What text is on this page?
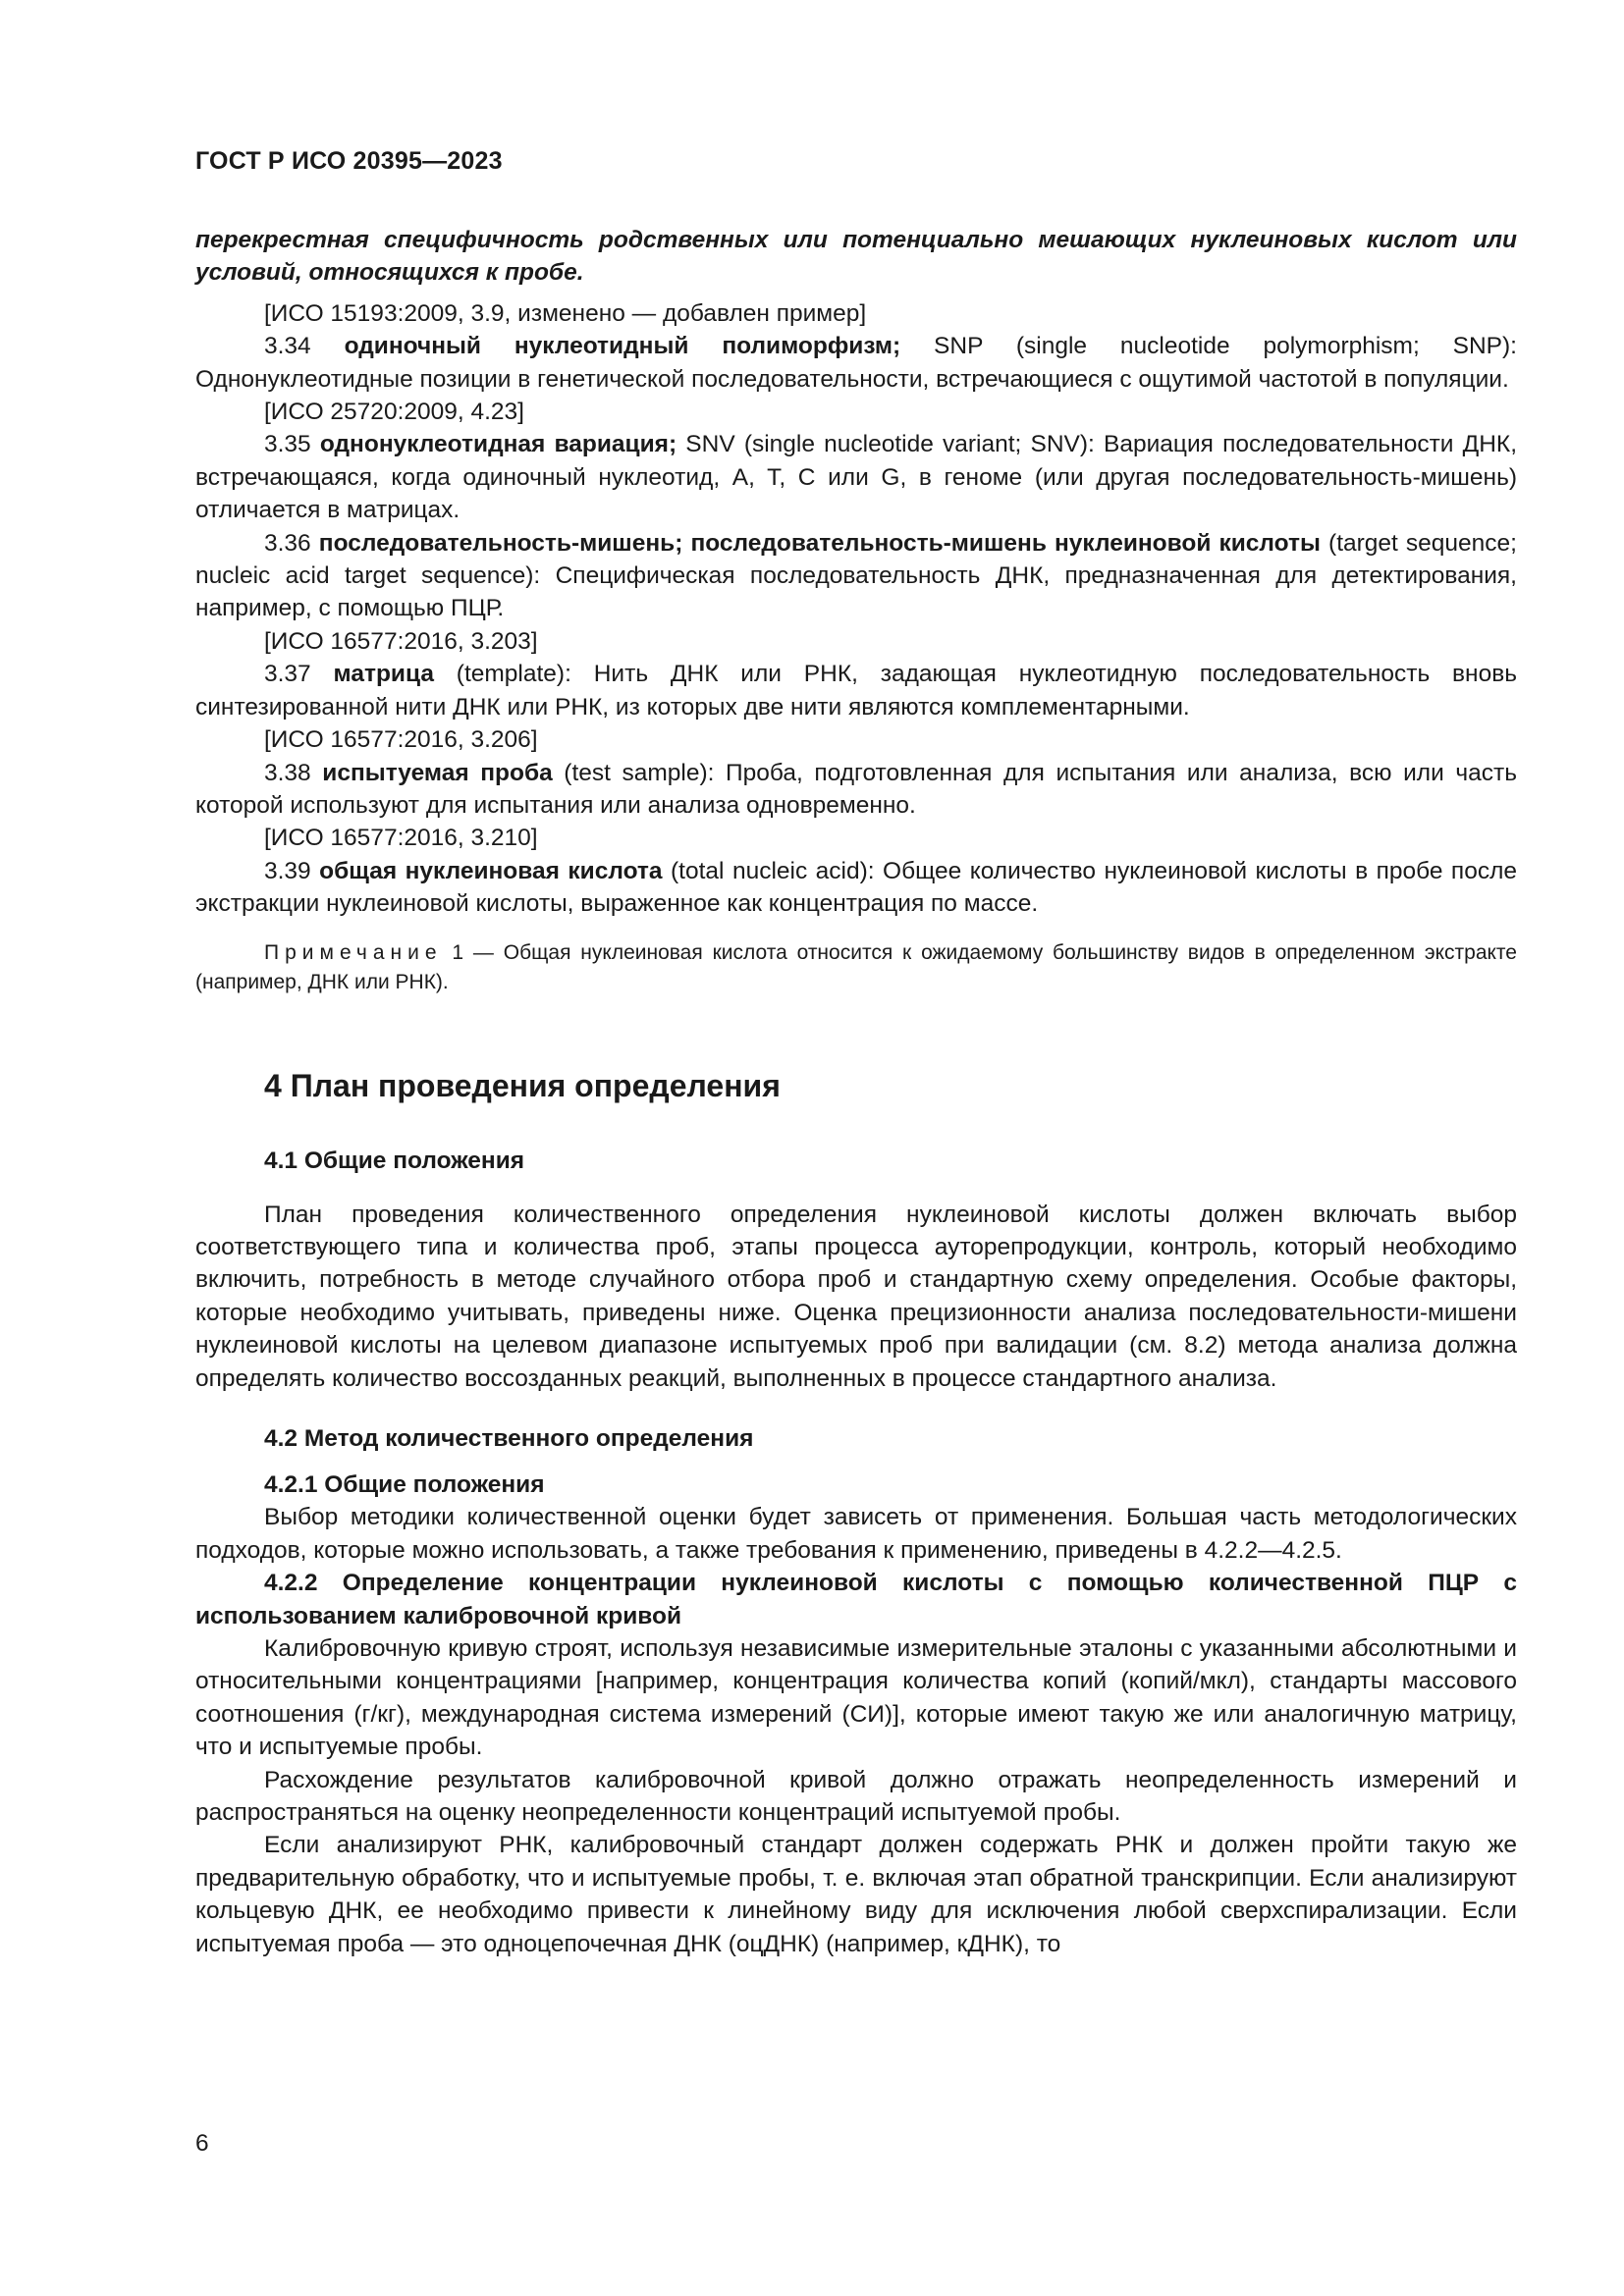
ГОСТ Р ИСО 20395—2023

перекрестная специфичность родственных или потенциально мешающих нуклеиновых кислот или условий, относящихся к пробе.

[ИСО 15193:2009, 3.9, изменено — добавлен пример]

3.34 одиночный нуклеотидный полиморфизм; SNP (single nucleotide polymorphism; SNP): Однонуклеотидные позиции в генетической последовательности, встречающиеся с ощутимой частотой в популяции.

[ИСО 25720:2009, 4.23]

3.35 однонуклеотидная вариация; SNV (single nucleotide variant; SNV): Вариация последовательности ДНК, встречающаяся, когда одиночный нуклеотид, A, T, C или G, в геноме (или другая последовательность-мишень) отличается в матрицах.

3.36 последовательность-мишень; последовательность-мишень нуклеиновой кислоты (target sequence; nucleic acid target sequence): Специфическая последовательность ДНК, предназначенная для детектирования, например, с помощью ПЦР.

[ИСО 16577:2016, 3.203]

3.37 матрица (template): Нить ДНК или РНК, задающая нуклеотидную последовательность вновь синтезированной нити ДНК или РНК, из которых две нити являются комплементарными.

[ИСО 16577:2016, 3.206]

3.38 испытуемая проба (test sample): Проба, подготовленная для испытания или анализа, всю или часть которой используют для испытания или анализа одновременно.

[ИСО 16577:2016, 3.210]

3.39 общая нуклеиновая кислота (total nucleic acid): Общее количество нуклеиновой кислоты в пробе после экстракции нуклеиновой кислоты, выраженное как концентрация по массе.

Примечание 1 — Общая нуклеиновая кислота относится к ожидаемому большинству видов в определенном экстракте (например, ДНК или РНК).

4 План проведения определения
4.1 Общие положения

План проведения количественного определения нуклеиновой кислоты должен включать выбор соответствующего типа и количества проб, этапы процесса ауторепродукции, контроль, который необходимо включить, потребность в методе случайного отбора проб и стандартную схему определения. Особые факторы, которые необходимо учитывать, приведены ниже. Оценка прецизионности анализа последовательности-мишени нуклеиновой кислоты на целевом диапазоне испытуемых проб при валидации (см. 8.2) метода анализа должна определять количество воссозданных реакций, выполненных в процессе стандартного анализа.

4.2 Метод количественного определения
4.2.1 Общие положения

Выбор методики количественной оценки будет зависеть от применения. Большая часть методологических подходов, которые можно использовать, а также требования к применению, приведены в 4.2.2—4.2.5.

4.2.2 Определение концентрации нуклеиновой кислоты с помощью количественной ПЦР с использованием калибровочной кривой

Калибровочную кривую строят, используя независимые измерительные эталоны с указанными абсолютными и относительными концентрациями [например, концентрация количества копий (копий/мкл), стандарты массового соотношения (г/кг), международная система измерений (СИ)], которые имеют такую же или аналогичную матрицу, что и испытуемые пробы.

Расхождение результатов калибровочной кривой должно отражать неопределенность измерений и распространяться на оценку неопределенности концентраций испытуемой пробы.

Если анализируют РНК, калибровочный стандарт должен содержать РНК и должен пройти такую же предварительную обработку, что и испытуемые пробы, т. е. включая этап обратной транскрипции. Если анализируют кольцевую ДНК, ее необходимо привести к линейному виду для исключения любой сверхспирализации. Если испытуемая проба — это одноцепочечная ДНК (оцДНК) (например, кДНК), то

6
